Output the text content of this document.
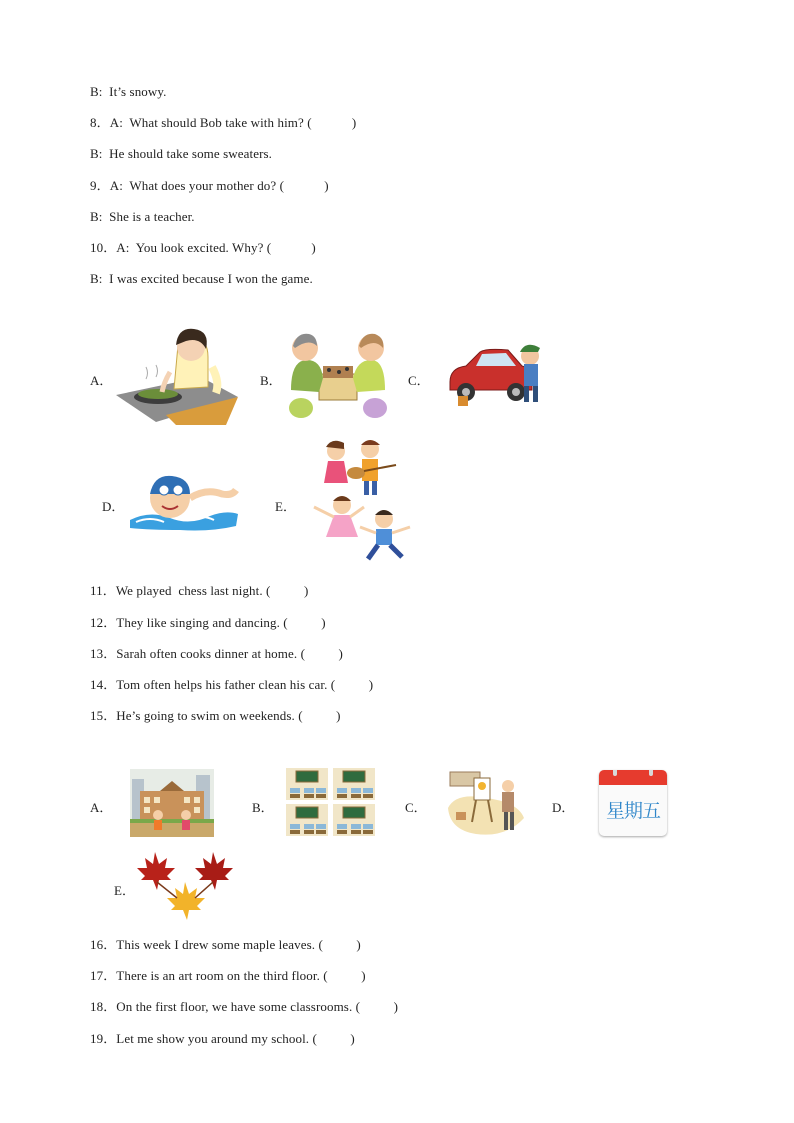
B:  It’s snowy.
8．A:  What should Bob take with him? (            )
B:  He should take some sweaters.
9．A:  What does your mother do? (            )
B:  She is a teacher.
10．A:  You look excited. Why? (            )
B:  I was excited because I won the game.
A．	B．	C．
D．	E．
11．We played  chess last night. (          )
12．They like singing and dancing. (          )
13．Sarah often cooks dinner at home. (          )
14．Tom often helps his father clean his car. (          )
15．He’s going to swim on weekends. (          )
A．	B．	C．	D．
E．
星期五
16．This week I drew some maple leaves. (          )
17．There is an art room on the third floor. (          )
18．On the first floor, we have some classrooms. (          )
19．Let me show you around my school. (          )
